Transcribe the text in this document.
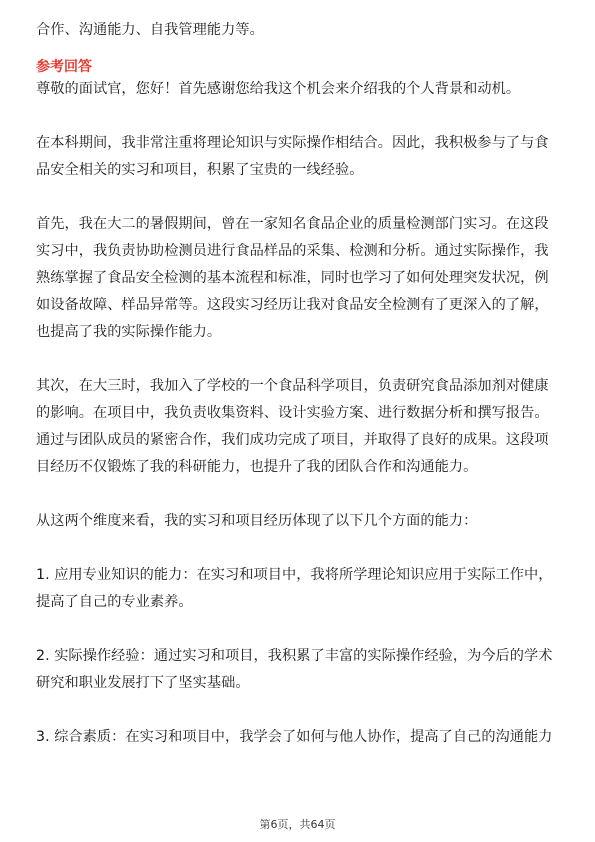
合作、沟通能力、自我管理能力等。
参考回答
尊敬的面试官，您好！首先感谢您给我这个机会来介绍我的个人背景和动机。
在本科期间，我非常注重将理论知识与实际操作相结合。因此，我积极参与了与食品安全相关的实习和项目，积累了宝贵的一线经验。
首先，我在大二的暑假期间，曾在一家知名食品企业的质量检测部门实习。在这段实习中，我负责协助检测员进行食品样品的采集、检测和分析。通过实际操作，我熟练掌握了食品安全检测的基本流程和标准，同时也学习了如何处理突发状况，例如设备故障、样品异常等。这段实习经历让我对食品安全检测有了更深入的了解，也提高了我的实际操作能力。
其次，在大三时，我加入了学校的一个食品科学项目，负责研究食品添加剂对健康的影响。在项目中，我负责收集资料、设计实验方案、进行数据分析和撰写报告。通过与团队成员的紧密合作，我们成功完成了项目，并取得了良好的成果。这段项目经历不仅锻炼了我的科研能力，也提升了我的团队合作和沟通能力。
从这两个维度来看，我的实习和项目经历体现了以下几个方面的能力：
1. 应用专业知识的能力：在实习和项目中，我将所学理论知识应用于实际工作中，提高了自己的专业素养。
2. 实际操作经验：通过实习和项目，我积累了丰富的实际操作经验，为今后的学术研究和职业发展打下了坚实基础。
3. 综合素质：在实习和项目中，我学会了如何与他人协作，提高了自己的沟通能力
第6页，共64页
